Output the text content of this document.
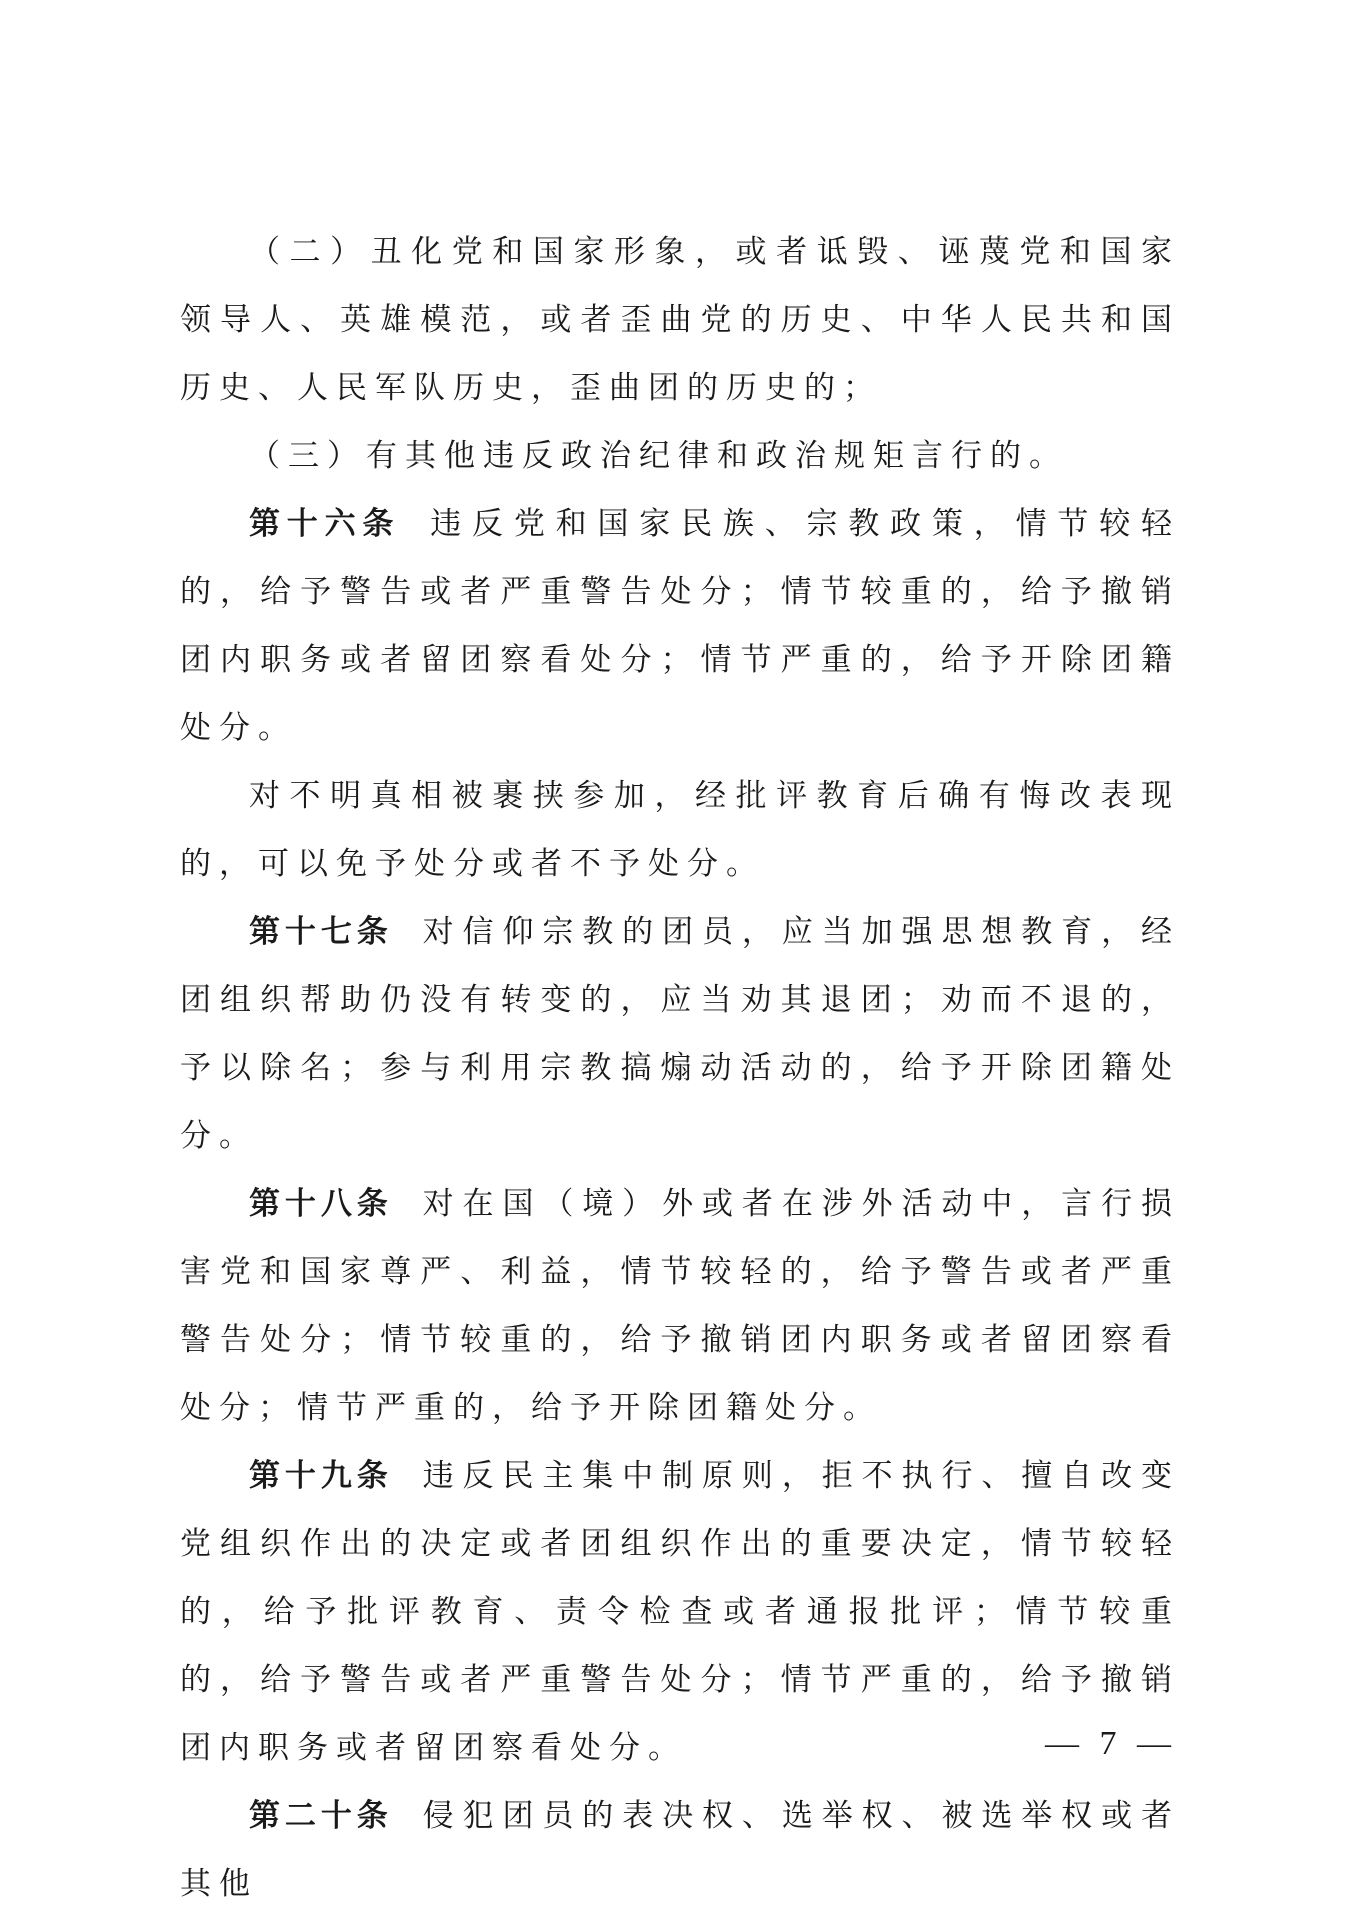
（二）丑化党和国家形象，或者诋毁、诬蔑党和国家领导人、英雄模范，或者歪曲党的历史、中华人民共和国历史、人民军队历史，歪曲团的历史的；

（三）有其他违反政治纪律和政治规矩言行的。

第十六条 违反党和国家民族、宗教政策，情节较轻的，给予警告或者严重警告处分；情节较重的，给予撤销团内职务或者留团察看处分；情节严重的，给予开除团籍处分。

对不明真相被裹挟参加，经批评教育后确有悔改表现的，可以免予处分或者不予处分。

第十七条 对信仰宗教的团员，应当加强思想教育，经团组织帮助仍没有转变的，应当劝其退团；劝而不退的，予以除名；参与利用宗教搞煽动活动的，给予开除团籍处分。

第十八条 对在国（境）外或者在涉外活动中，言行损害党和国家尊严、利益，情节较轻的，给予警告或者严重警告处分；情节较重的，给予撤销团内职务或者留团察看处分；情节严重的，给予开除团籍处分。

第十九条 违反民主集中制原则，拒不执行、擅自改变党组织作出的决定或者团组织作出的重要决定，情节较轻的，给予批评教育、责令检查或者通报批评；情节较重的，给予警告或者严重警告处分；情节严重的，给予撤销团内职务或者留团察看处分。

第二十条 侵犯团员的表决权、选举权、被选举权或者其他

— 7 —
